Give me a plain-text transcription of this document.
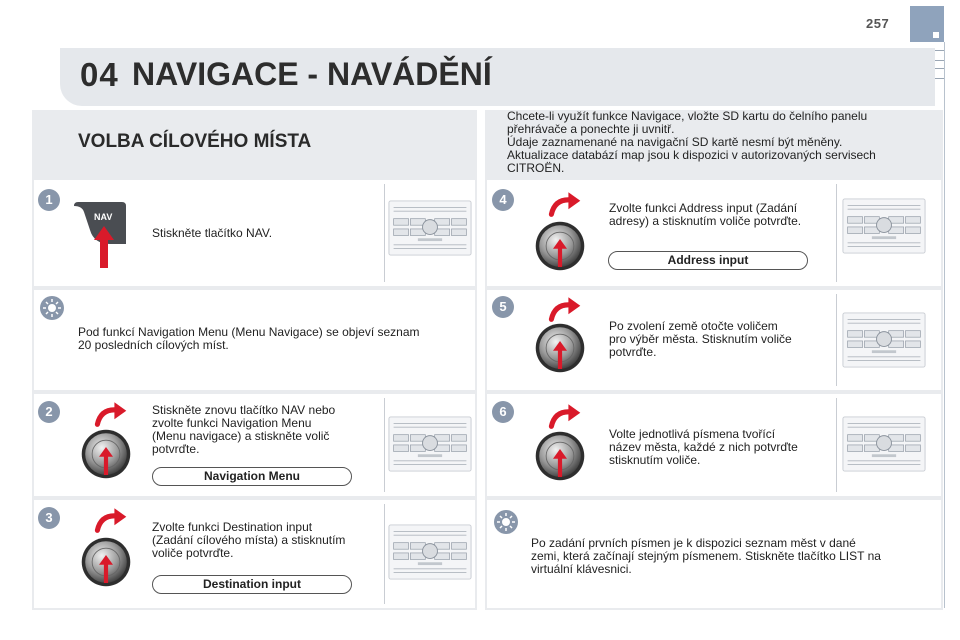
257
04 NAVIGACE - NAVÁDĚNÍ
VOLBA CÍLOVÉHO MÍSTA
Chcete-li využít funkce Navigace, vložte SD kartu do čelního panelu
přehrávače a ponechte ji uvnitř.
Údaje zaznamenané na navigační SD kartě nesmí být měněny.
Aktualizace databází map jsou k dispozici v autorizovaných servisech
CITROËN.
1
NAV
Stiskněte tlačítko NAV.
Pod funkcí Navigation Menu (Menu Navigace) se objeví seznam
20 posledních cílových míst.
2	Stiskněte znovu tlačítko NAV nebo
zvolte funkci Navigation Menu
(Menu navigace) a stiskněte volič
potvrďte.
Navigation Menu
3
Zvolte funkci Destination input
(Zadání cílového místa) a stisknutím
voliče potvrďte.
Destination input
4
Zvolte funkci Address input (Zadání
adresy) a stisknutím voliče potvrďte.
Address input
5
Po zvolení země otočte voličem
pro výběr města. Stisknutím voliče
potvrďte.
6
Volte jednotlivá písmena tvořící
název města, každé z nich potvrďte
stisknutím voliče.
Po zadání prvních písmen je k dispozici seznam měst v dané
zemi, která začínají stejným písmenem. Stiskněte tlačítko LIST na
virtuální klávesnici.
